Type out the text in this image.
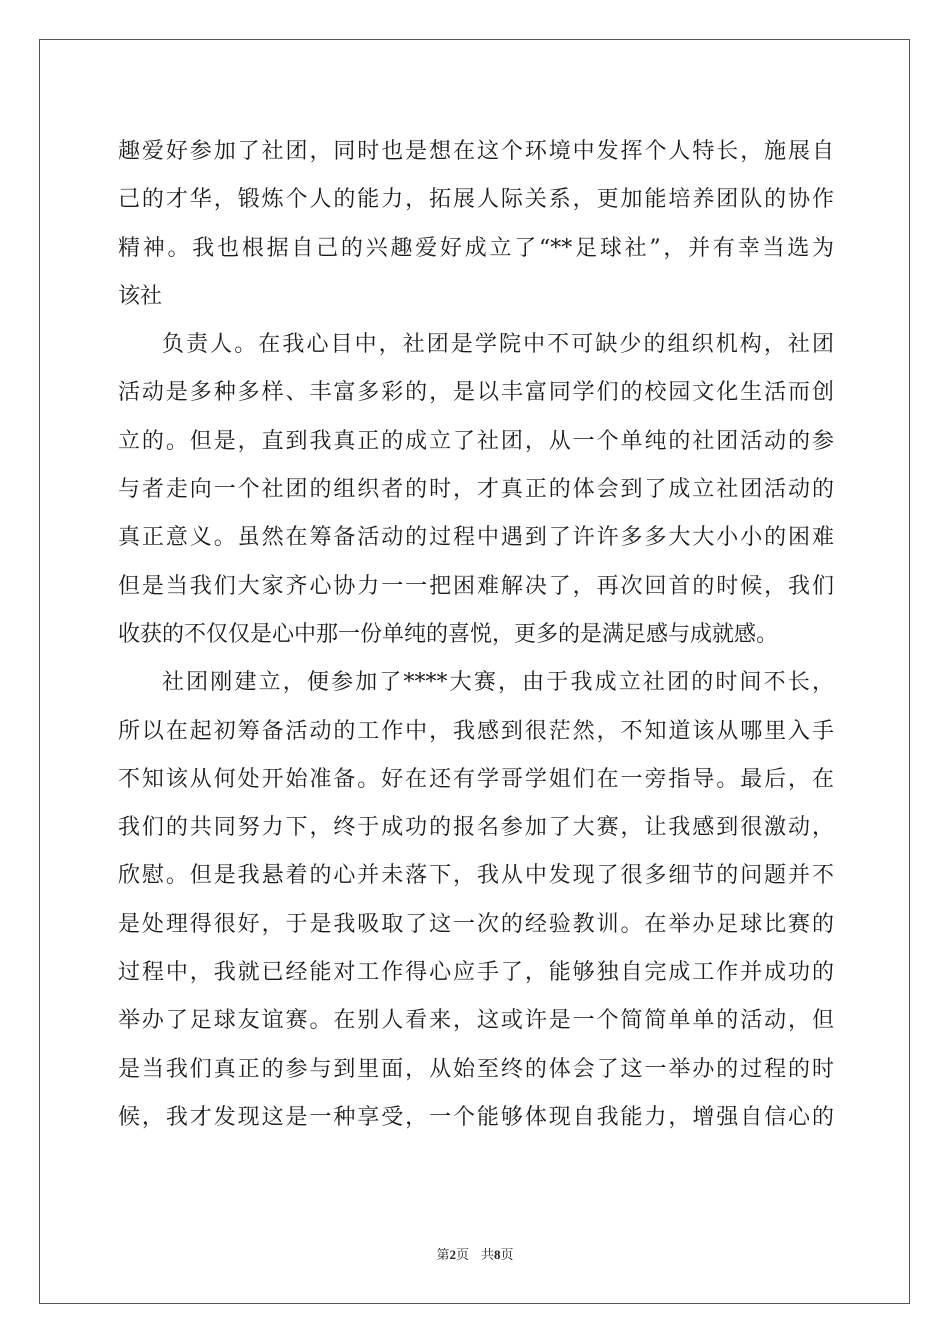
趣爱好参加了社团，同时也是想在这个环境中发挥个人特长，施展自
己的才华，锻炼个人的能力，拓展人际关系，更加能培养团队的协作
精神。我也根据自己的兴趣爱好成立了“**足球社”，并有幸当选为
该社
负责人。在我心目中，社团是学院中不可缺少的组织机构，社团
活动是多种多样、丰富多彩的，是以丰富同学们的校园文化生活而创
立的。但是，直到我真正的成立了社团，从一个单纯的社团活动的参
与者走向一个社团的组织者的时，才真正的体会到了成立社团活动的
真正意义。虽然在筹备活动的过程中遇到了许许多多大大小小的困难
但是当我们大家齐心协力一一把困难解决了，再次回首的时候，我们
收获的不仅仅是心中那一份单纯的喜悦，更多的是满足感与成就感。
社团刚建立，便参加了****大赛，由于我成立社团的时间不长，
所以在起初筹备活动的工作中，我感到很茫然，不知道该从哪里入手
不知该从何处开始准备。好在还有学哥学姐们在一旁指导。最后，在
我们的共同努力下，终于成功的报名参加了大赛，让我感到很激动，
欣慰。但是我悬着的心并未落下，我从中发现了很多细节的问题并不
是处理得很好，于是我吸取了这一次的经验教训。在举办足球比赛的
过程中，我就已经能对工作得心应手了，能够独自完成工作并成功的
举办了足球友谊赛。在别人看来，这或许是一个简简单单的活动，但
是当我们真正的参与到里面，从始至终的体会了这一举办的过程的时
候，我才发现这是一种享受，一个能够体现自我能力，增强自信心的
第2页 共8页
